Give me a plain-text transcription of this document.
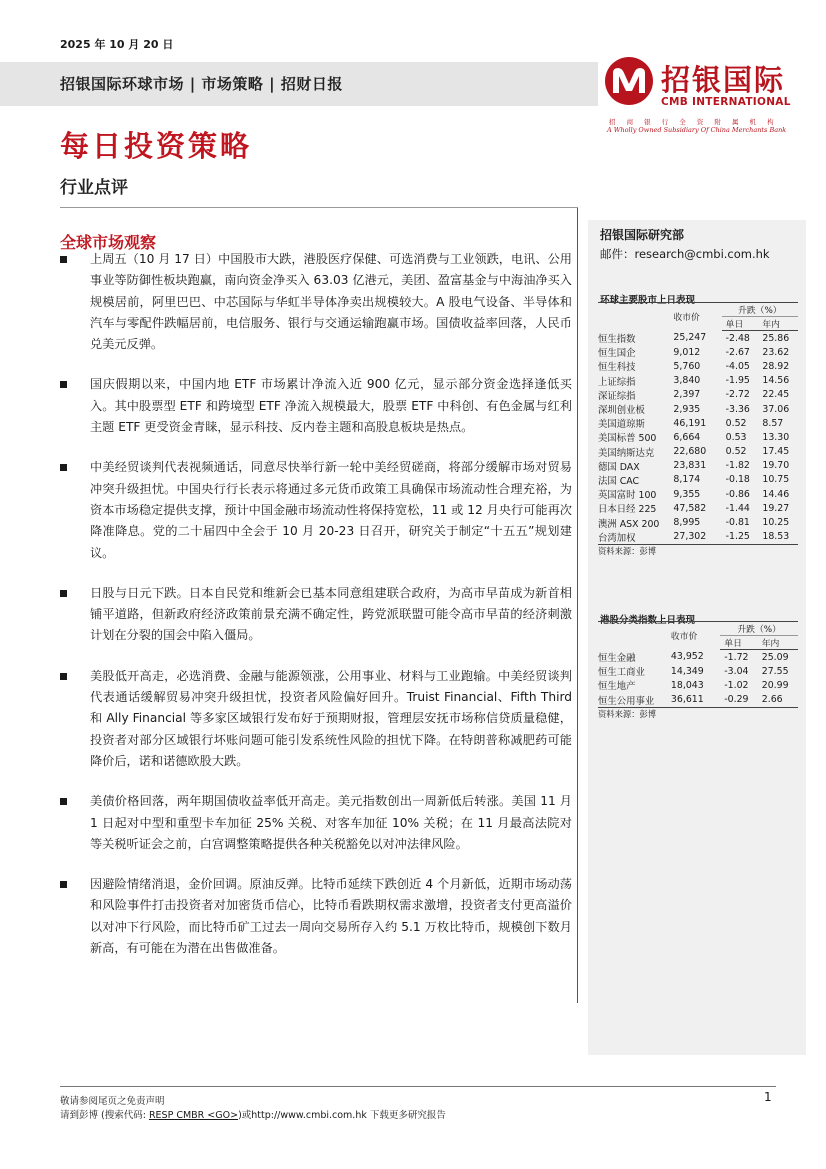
2025 年 10 月 20 日
招银国际环球市场 | 市场策略 | 招财日报	招银国际
CMB INTERNATIONAL
招 商 银 行 全 资 附 属 机 构
A Wholly Owned Subsidiary Of China Merchants Bank
每日投资策略
行业点评
全球市场观察
上周五（10 月 17 日）中国股市大跌，港股医疗保健、可选消费与工业领跌，电讯、公用事业等防御性板块跑赢，南向资金净买入 63.03 亿港元，美团、盈富基金与中海油净买入规模居前，阿里巴巴、中芯国际与华虹半导体净卖出规模较大。A 股电气设备、半导体和汽车与零配件跌幅居前，电信服务、银行与交通运输跑赢市场。国债收益率回落，人民币兑美元反弹。
国庆假期以来，中国内地 ETF 市场累计净流入近 900 亿元，显示部分资金选择逢低买入。其中股票型 ETF 和跨境型 ETF 净流入规模最大，股票 ETF 中科创、有色金属与红利主题 ETF 更受资金青睐，显示科技、反内卷主题和高股息板块是热点。
中美经贸谈判代表视频通话，同意尽快举行新一轮中美经贸磋商，将部分缓解市场对贸易冲突升级担忧。中国央行行长表示将通过多元货币政策工具确保市场流动性合理充裕，为资本市场稳定提供支撑，预计中国金融市场流动性将保持宽松，11 或 12 月央行可能再次降准降息。党的二十届四中全会于 10 月 20-23 日召开，研究关于制定“十五五”规划建议。
日股与日元下跌。日本自民党和维新会已基本同意组建联合政府，为高市早苗成为新首相铺平道路，但新政府经济政策前景充满不确定性，跨党派联盟可能令高市早苗的经济刺激计划在分裂的国会中陷入僵局。
美股低开高走，必选消费、金融与能源领涨，公用事业、材料与工业跑输。中美经贸谈判代表通话缓解贸易冲突升级担忧，投资者风险偏好回升。Truist Financial、Fifth Third 和 Ally Financial 等多家区域银行发布好于预期财报，管理层安抚市场称信贷质量稳健，投资者对部分区域银行坏账问题可能引发系统性风险的担忧下降。在特朗普称减肥药可能降价后，诺和诺德欧股大跌。
美债价格回落，两年期国债收益率低开高走。美元指数创出一周新低后转涨。美国 11 月 1 日起对中型和重型卡车加征 25% 关税、对客车加征 10% 关税；在 11 月最高法院对等关税听证会之前，白宫调整策略提供各种关税豁免以对冲法律风险。
因避险情绪消退，金价回调。原油反弹。比特币延续下跌创近 4 个月新低，近期市场动荡和风险事件打击投资者对加密货币信心，比特币看跌期权需求激增，投资者支付更高溢价以对冲下行风险，而比特币矿工过去一周向交易所存入约 5.1 万枚比特币，规模创下数月新高，有可能在为潜在出售做准备。
招银国际研究部
邮件：research@cmbi.com.hk
环球主要股市上日表现
	收市价	升跌（%）	
		单日	年内
恒生指数	25,247	-2.48	25.86
恒生国企	9,012	-2.67	23.62
恒生科技	5,760	-4.05	28.92
上证综指	3,840	-1.95	14.56
深证综指	2,397	-2.72	22.45
深圳创业板	2,935	-3.36	37.06
美国道琼斯	46,191	0.52	8.57
美国标普 500	6,664	0.53	13.30
美国纳斯达克	22,680	0.52	17.45
德国 DAX	23,831	-1.82	19.70
法国 CAC	8,174	-0.18	10.75
英国富时 100	9,355	-0.86	14.46
日本日经 225	47,582	-1.44	19.27
澳洲 ASX 200	8,995	-0.81	10.25
台湾加权	27,302	-1.25	18.53
资料来源：彭博			
港股分类指数上日表现
	收市价	升跌（%）	
		单日	年内
恒生金融	43,952	-1.72	25.09
恒生工商业	14,349	-3.04	27.55
恒生地产	18,043	-1.02	20.99
恒生公用事业	36,611	-0.29	2.66
资料来源：彭博			
敬请参阅尾页之免责声明
请到彭博 (搜索代码: RESP CMBR <GO>)或http://www.cmbi.com.hk 下载更多研究报告
1
